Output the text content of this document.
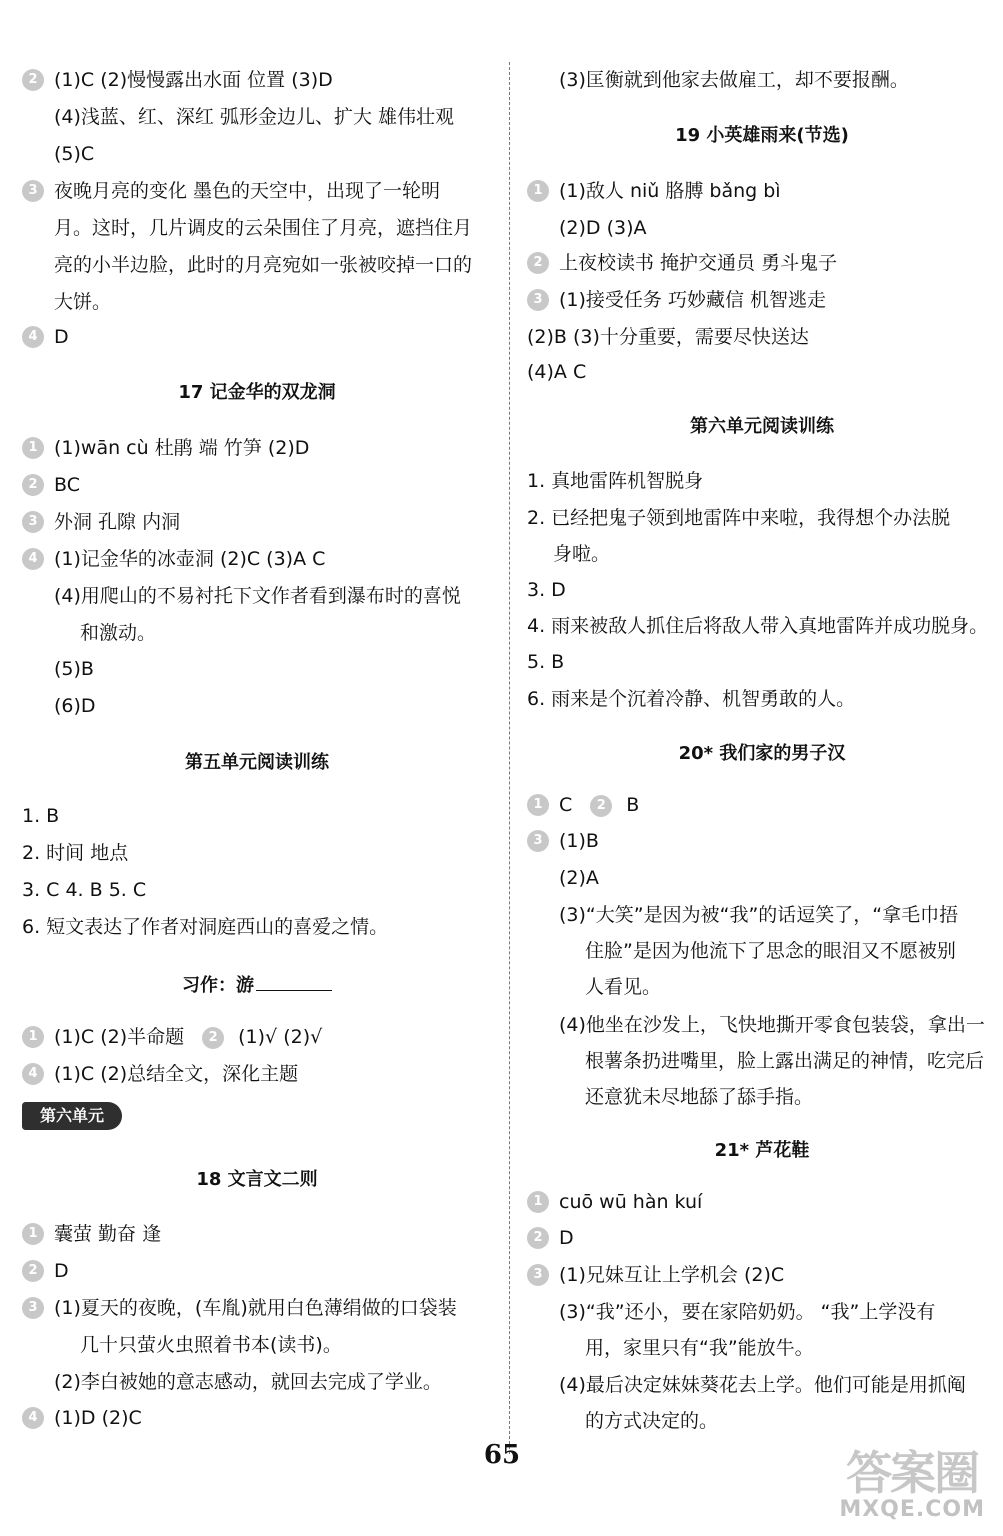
2 (1)C (2)慢慢露出水面 位置 (3)D
(4)浅蓝、红、深红 弧形金边儿、扩大 雄伟壮观
(5)C
3 夜晚月亮的变化 墨色的天空中，出现了一轮明
月。这时，几片调皮的云朵围住了月亮，遮挡住月
亮的小半边脸，此时的月亮宛如一张被咬掉一口的
大饼。
4 D
17 记金华的双龙洞
1 (1)wān cù 杜鹃 端 竹笋 (2)D
2 BC
3 外洞 孔隙 内洞
4 (1)记金华的冰壶洞 (2)C (3)A C
(4)用爬山的不易衬托下文作者看到瀑布时的喜悦
和激动。
(5)B
(6)D
第五单元阅读训练
1. B
2. 时间 地点
3. C 4. B 5. C
6. 短文表达了作者对洞庭西山的喜爱之情。
习作：游
1 (1)C (2)半命题 2 (1)√ (2)√
4 (1)C (2)总结全文，深化主题
第六单元
18 文言文二则
1 囊萤 勤奋 逢
2 D
3 (1)夏天的夜晚，(车胤)就用白色薄绢做的口袋装
几十只萤火虫照着书本(读书)。
(2)李白被她的意志感动，就回去完成了学业。
4 (1)D (2)C
(3)匡衡就到他家去做雇工，却不要报酬。
19 小英雄雨来(节选)
1 (1)敌人 niǔ 胳膊 bǎng bì
(2)D (3)A
2 上夜校读书 掩护交通员 勇斗鬼子
3 (1)接受任务 巧妙藏信 机智逃走
(2)B (3)十分重要，需要尽快送达
(4)A C
第六单元阅读训练
1. 真地雷阵机智脱身
2. 已经把鬼子领到地雷阵中来啦，我得想个办法脱
身啦。
3. D
4. 雨来被敌人抓住后将敌人带入真地雷阵并成功脱身。
5. B
6. 雨来是个沉着冷静、机智勇敢的人。
20* 我们家的男子汉
1 C 2 B
3 (1)B
(2)A
(3)“大笑”是因为被“我”的话逗笑了，“拿毛巾捂
住脸”是因为他流下了思念的眼泪又不愿被别
人看见。
(4)他坐在沙发上，飞快地撕开零食包装袋，拿出一
根薯条扔进嘴里，脸上露出满足的神情，吃完后
还意犹未尽地舔了舔手指。
21* 芦花鞋
1 cuō wū hàn kuí
2 D
3 (1)兄妹互让上学机会 (2)C
(3)“我”还小，要在家陪奶奶。 “我”上学没有
用，家里只有“我”能放牛。
(4)最后决定妹妹葵花去上学。他们可能是用抓阄
的方式决定的。
65	答案圈
MXQE.COM
